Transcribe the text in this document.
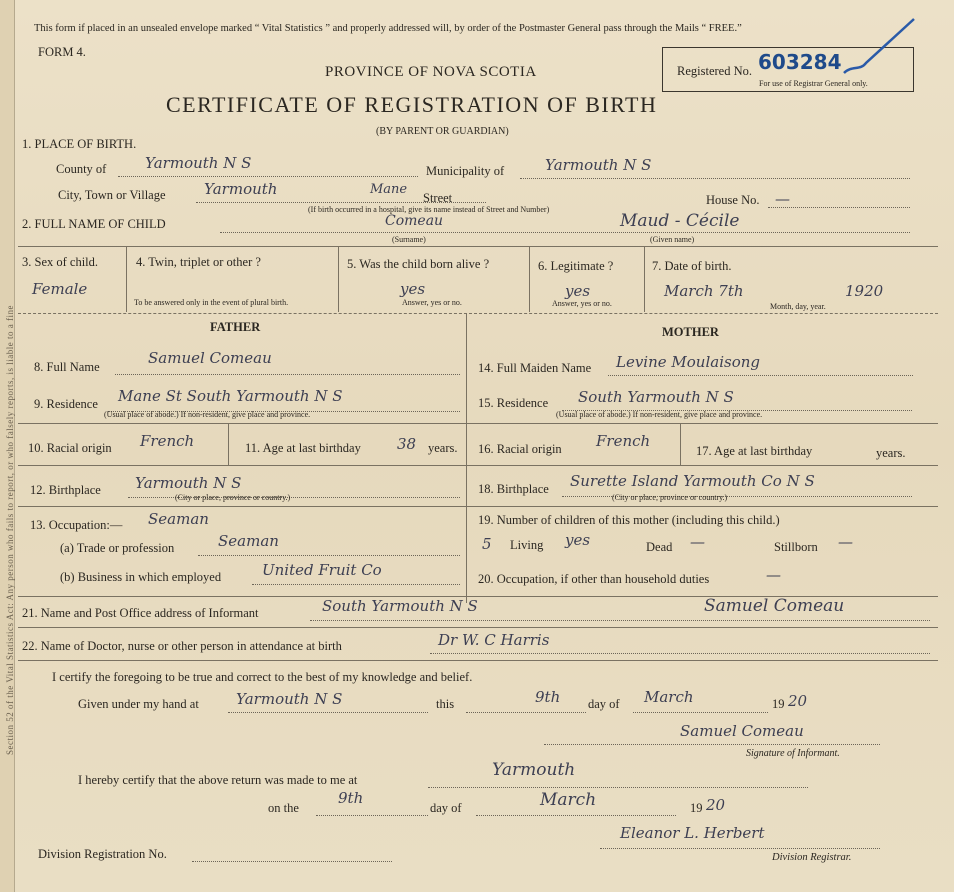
Section 52 of the Vital Statistics Act: Any person who fails to report, or who falsely reports, is liable to a fine
This form if placed in an unsealed envelope marked “ Vital Statistics ” and properly addressed will, by order of the Postmaster General pass through the Mails “ FREE.”
FORM 4.
PROVINCE OF NOVA SCOTIA
CERTIFICATE OF REGISTRATION OF BIRTH
(BY PARENT OR GUARDIAN)
Registered No. 603284
For use of Registrar General only.
1. PLACE OF BIRTH.
County of	Yarmouth N S	Municipality of	Yarmouth N S
City, Town or Village	Yarmouth	Mane
Street
(If birth occurred in a hospital, give its name instead of Street and Number)
House No. —
2. FULL NAME OF CHILD	Comeau
(Surname)
Maud - Cécile
(Given name)
3. Sex of child.
Female
4. Twin, triplet or other ?
To be answered only in the event of plural birth.
5. Was the child born alive ?
yes
Answer, yes or no.
6. Legitimate ?
yes
Answer, yes or no.
7. Date of birth.
March 7th	1920
Month, day, year.
FATHER
8. Full Name	Samuel Comeau
9. Residence Mane St South Yarmouth N S
(Usual place of abode.) If non-resident, give place and province.
10. Racial origin French	11. Age at last birthday 38 years.
12. Birthplace Yarmouth N S
(City or place, province or country.)
13. Occupation:— Seaman
(a) Trade or profession	Seaman
(b) Business in which employed	United Fruit Co
MOTHER
14. Full Maiden Name Levine Moulaisong
15. Residence South Yarmouth N S
(Usual place of abode.) If non-resident, give place and province.
16. Racial origin French
17. Age at last birthday	years.
18. Birthplace Surette Island Yarmouth Co N S
(City or place, province or country.)
19. Number of children of this mother (including this child.)
5 Living yes	Dead —	Stillborn —
20. Occupation, if other than household duties	—
21. Name and Post Office address of Informant	South Yarmouth N S	Samuel Comeau
22. Name of Doctor, nurse or other person in attendance at birth	Dr W. C Harris
I certify the foregoing to be true and correct to the best of my knowledge and belief.
Given under my hand at Yarmouth N S	this	9th day of March	19 20
Samuel Comeau
Signature of Informant.
I hereby certify that the above return was made to me at	Yarmouth
on the
9th
day of	March	19 20
Eleanor L. Herbert
Division Registrar.
Division Registration No.
